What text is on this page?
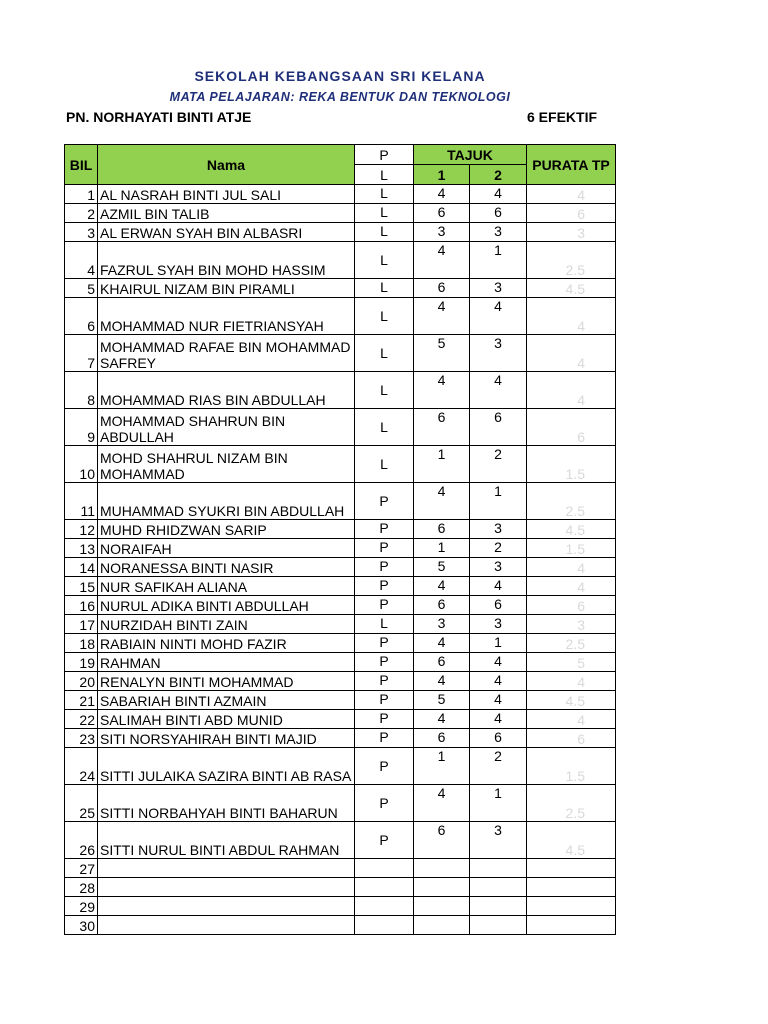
SEKOLAH KEBANGSAAN SRI KELANA
MATA PELAJARAN: REKA BENTUK DAN TEKNOLOGI
PN. NORHAYATI BINTI ATJE	6 EFEKTIF
BIL	Nama	P	TAJUK		PURATA TP
		L	1	2	
1	AL NASRAH BINTI JUL SALI	L	4	4	4
2	AZMIL BIN TALIB	L	6	6	6
3	AL ERWAN SYAH BIN ALBASRI	L	3	3	3
4	FAZRUL SYAH BIN MOHD HASSIM	L	4	1	2.5
5	KHAIRUL NIZAM BIN PIRAMLI	L	6	3	4.5
6	MOHAMMAD NUR FIETRIANSYAH	L	4	4	4
7	MOHAMMAD RAFAE BIN MOHAMMAD SAFREY	L	5	3	4
8	MOHAMMAD RIAS BIN ABDULLAH	L	4	4	4
9	MOHAMMAD SHAHRUN BIN ABDULLAH	L	6	6	6
10	MOHD SHAHRUL NIZAM BIN MOHAMMAD	L	1	2	1.5
11	MUHAMMAD SYUKRI BIN ABDULLAH	P	4	1	2.5
12	MUHD RHIDZWAN SARIP	P	6	3	4.5
13	NORAIFAH	P	1	2	1.5
14	NORANESSA BINTI NASIR	P	5	3	4
15	NUR SAFIKAH ALIANA	P	4	4	4
16	NURUL ADIKA BINTI ABDULLAH	P	6	6	6
17	NURZIDAH BINTI ZAIN	L	3	3	3
18	RABIAIN NINTI MOHD FAZIR	P	4	1	2.5
19	RAHMAN	P	6	4	5
20	RENALYN BINTI MOHAMMAD	P	4	4	4
21	SABARIAH BINTI AZMAIN	P	5	4	4.5
22	SALIMAH BINTI ABD MUNID	P	4	4	4
23	SITI NORSYAHIRAH BINTI MAJID	P	6	6	6
24	SITTI JULAIKA SAZIRA BINTI AB RASA	P	1	2	1.5
25	SITTI NORBAHYAH BINTI BAHARUN	P	4	1	2.5
26	SITTI NURUL BINTI ABDUL RAHMAN	P	6	3	4.5
27					
28					
29					
30					
